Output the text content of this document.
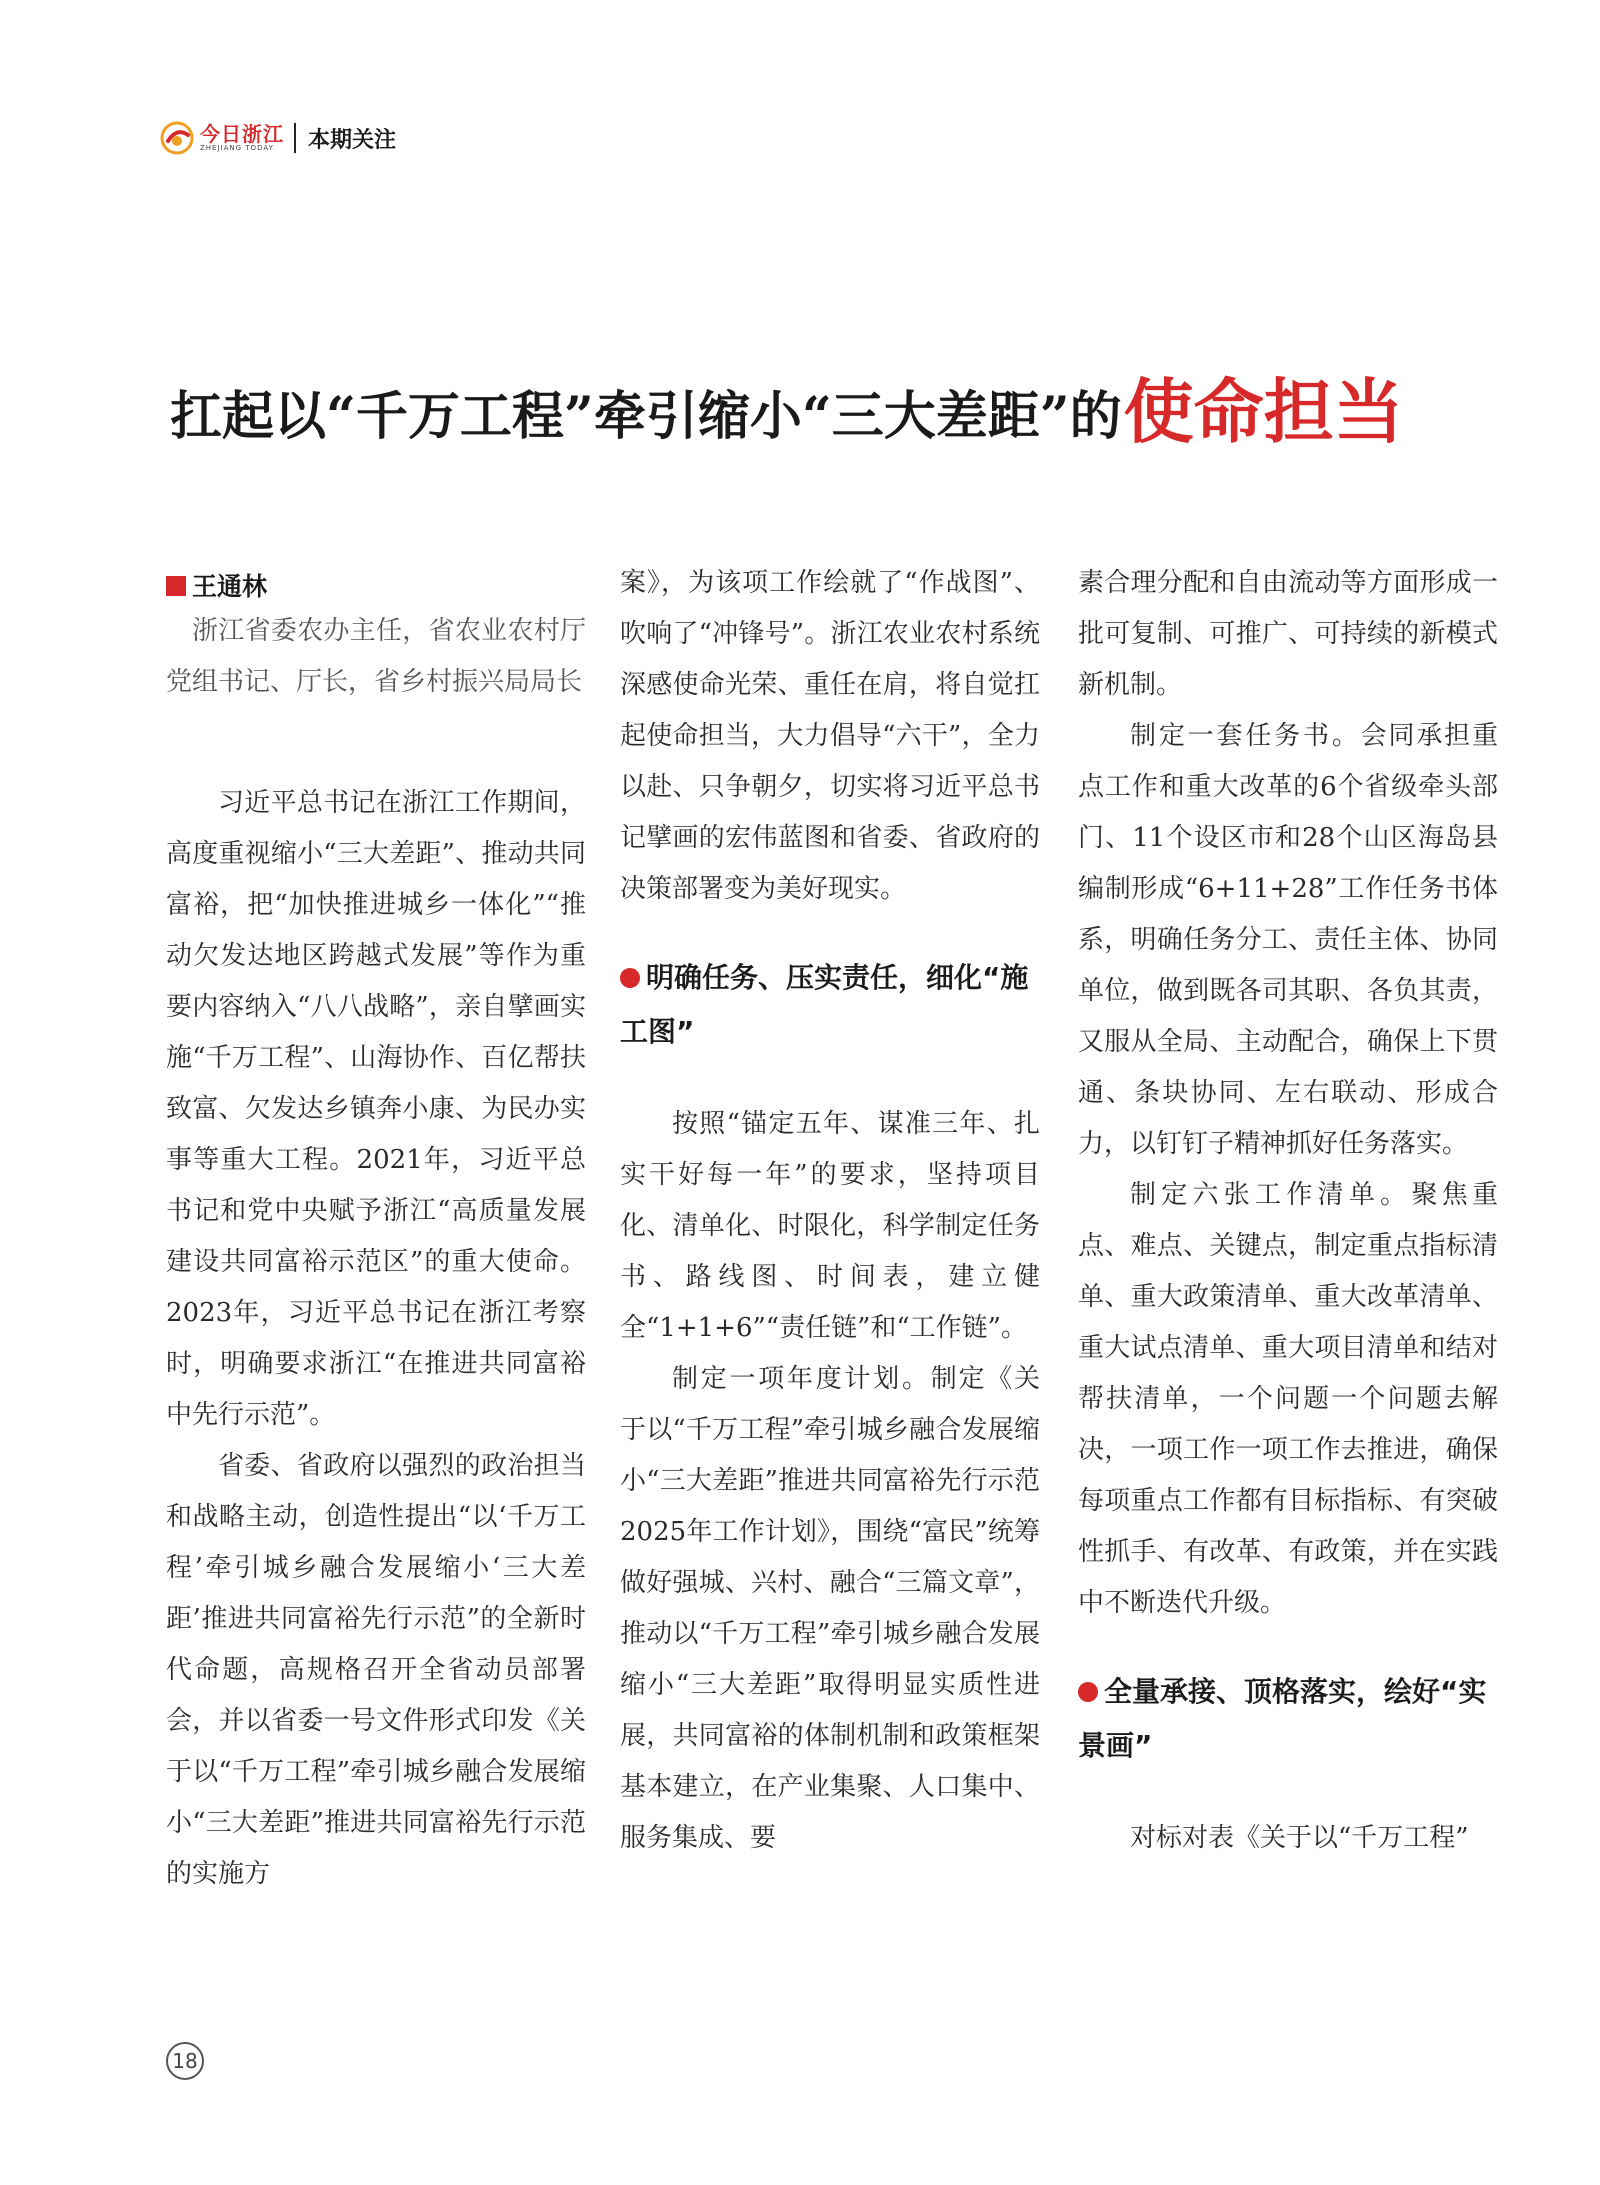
今日浙江
ZHEJIANG TODAY	本期关注
扛起以“千万工程”牵引缩小“三大差距”的 使命担当
王通林

浙江省委农办主任，省农业农村厅党组书记、厅长，省乡村振兴局局长

习近平总书记在浙江工作期间，高度重视缩小“三大差距”、推动共同富裕，把“加快推进城乡一体化”“推动欠发达地区跨越式发展”等作为重要内容纳入“八八战略”，亲自擘画实施“千万工程”、山海协作、百亿帮扶致富、欠发达乡镇奔小康、为民办实事等重大工程。2021年，习近平总书记和党中央赋予浙江“高质量发展建设共同富裕示范区”的重大使命。2023年，习近平总书记在浙江考察时，明确要求浙江“在推进共同富裕中先行示范”。

省委、省政府以强烈的政治担当和战略主动，创造性提出“以‘千万工程’牵引城乡融合发展缩小‘三大差距’推进共同富裕先行示范”的全新时代命题，高规格召开全省动员部署会，并以省委一号文件形式印发《关于以“千万工程”牵引城乡融合发展缩小“三大差距”推进共同富裕先行示范的实施方

案》，为该项工作绘就了“作战图”、吹响了“冲锋号”。浙江农业农村系统深感使命光荣、重任在肩，将自觉扛起使命担当，大力倡导“六干”，全力以赴、只争朝夕，切实将习近平总书记擘画的宏伟蓝图和省委、省政府的决策部署变为美好现实。

明确任务、压实责任，细化“施工图”

按照“锚定五年、谋准三年、扎实干好每一年”的要求，坚持项目化、清单化、时限化，科学制定任务书、路线图、时间表，建立健全“1+1+6”“责任链”和“工作链”。

制定一项年度计划。制定《关于以“千万工程”牵引城乡融合发展缩小“三大差距”推进共同富裕先行示范2025年工作计划》，围绕“富民”统筹做好强城、兴村、融合“三篇文章”，推动以“千万工程”牵引城乡融合发展缩小“三大差距”取得明显实质性进展，共同富裕的体制机制和政策框架基本建立，在产业集聚、人口集中、服务集成、要

素合理分配和自由流动等方面形成一批可复制、可推广、可持续的新模式新机制。

制定一套任务书。会同承担重点工作和重大改革的6个省级牵头部门、11个设区市和28个山区海岛县编制形成“6+11+28”工作任务书体系，明确任务分工、责任主体、协同单位，做到既各司其职、各负其责，又服从全局、主动配合，确保上下贯通、条块协同、左右联动、形成合力，以钉钉子精神抓好任务落实。

制定六张工作清单。聚焦重点、难点、关键点，制定重点指标清单、重大政策清单、重大改革清单、重大试点清单、重大项目清单和结对帮扶清单，一个问题一个问题去解决，一项工作一项工作去推进，确保每项重点工作都有目标指标、有突破性抓手、有改革、有政策，并在实践中不断迭代升级。

全量承接、顶格落实，绘好“实景画”

对标对表《关于以“千万工程”

18
